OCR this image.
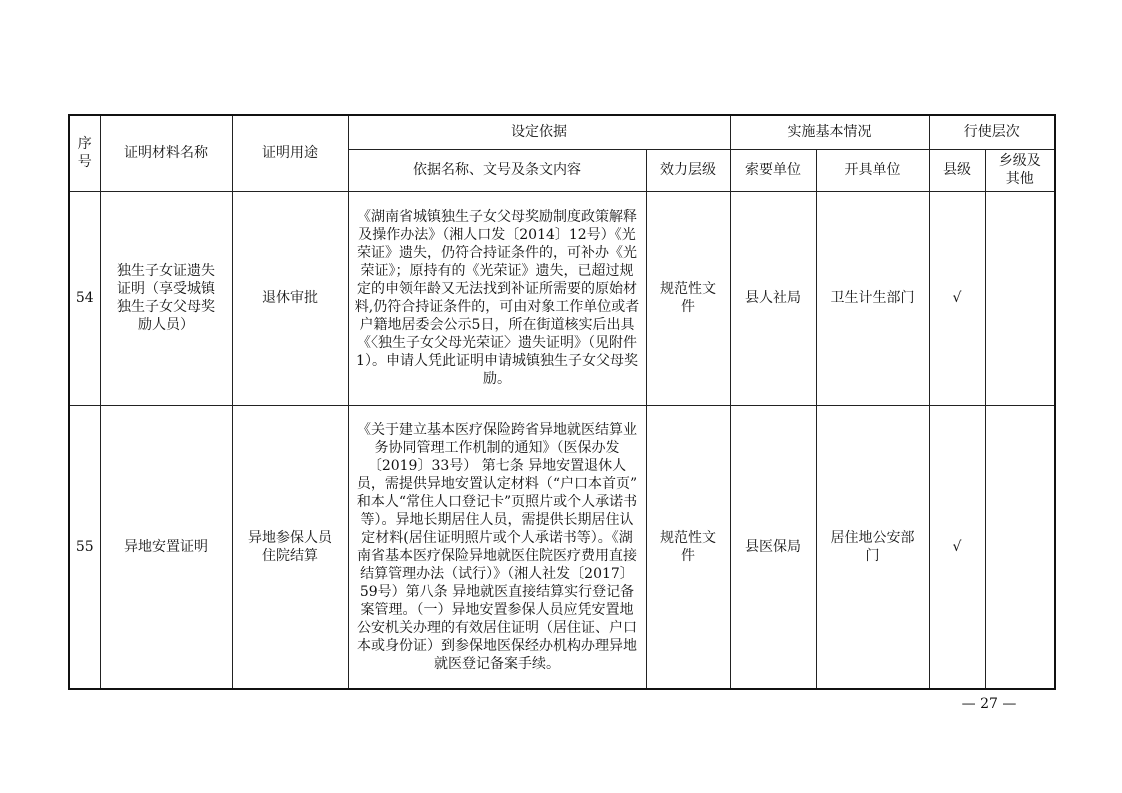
序号	证明材料名称	证明用途	设定依据		实施基本情况		行使层次	
			依据名称、文号及条文内容	效力层级	索要单位	开具单位	县级	乡级及其他
54	独生子女证遗失证明（享受城镇独生子女父母奖励人员）	退休审批	《湖南省城镇独生子女父母奖励制度政策解释及操作办法》（湘人口发〔2014〕12号）《光荣证》遗失，仍符合持证条件的，可补办《光荣证》；原持有的《光荣证》遗失，已超过规定的申领年龄又无法找到补证所需要的原始材料,仍符合持证条件的，可由对象工作单位或者户籍地居委会公示5日，所在街道核实后出具《〈独生子女父母光荣证〉遗失证明》（见附件1）。申请人凭此证明申请城镇独生子女父母奖励。	规范性文件	县人社局	卫生计生部门	√	
55	异地安置证明	异地参保人员住院结算	《关于建立基本医疗保险跨省异地就医结算业务协同管理工作机制的通知》（医保办发〔2019〕33号） 第七条 异地安置退休人员，需提供异地安置认定材料（“户口本首页” 和本人“常住人口登记卡”页照片或个人承诺书等）。异地长期居住人员，需提供长期居住认定材料(居住证明照片或个人承诺书等）。《湖南省基本医疗保险异地就医住院医疗费用直接结算管理办法（试行）》（湘人社发〔2017〕59号）第八条 异地就医直接结算实行登记备案管理。（一）异地安置参保人员应凭安置地公安机关办理的有效居住证明（居住证、户口本或身份证）到参保地医保经办机构办理异地就医登记备案手续。	规范性文件	县医保局	居住地公安部门	√	
— 27 —
